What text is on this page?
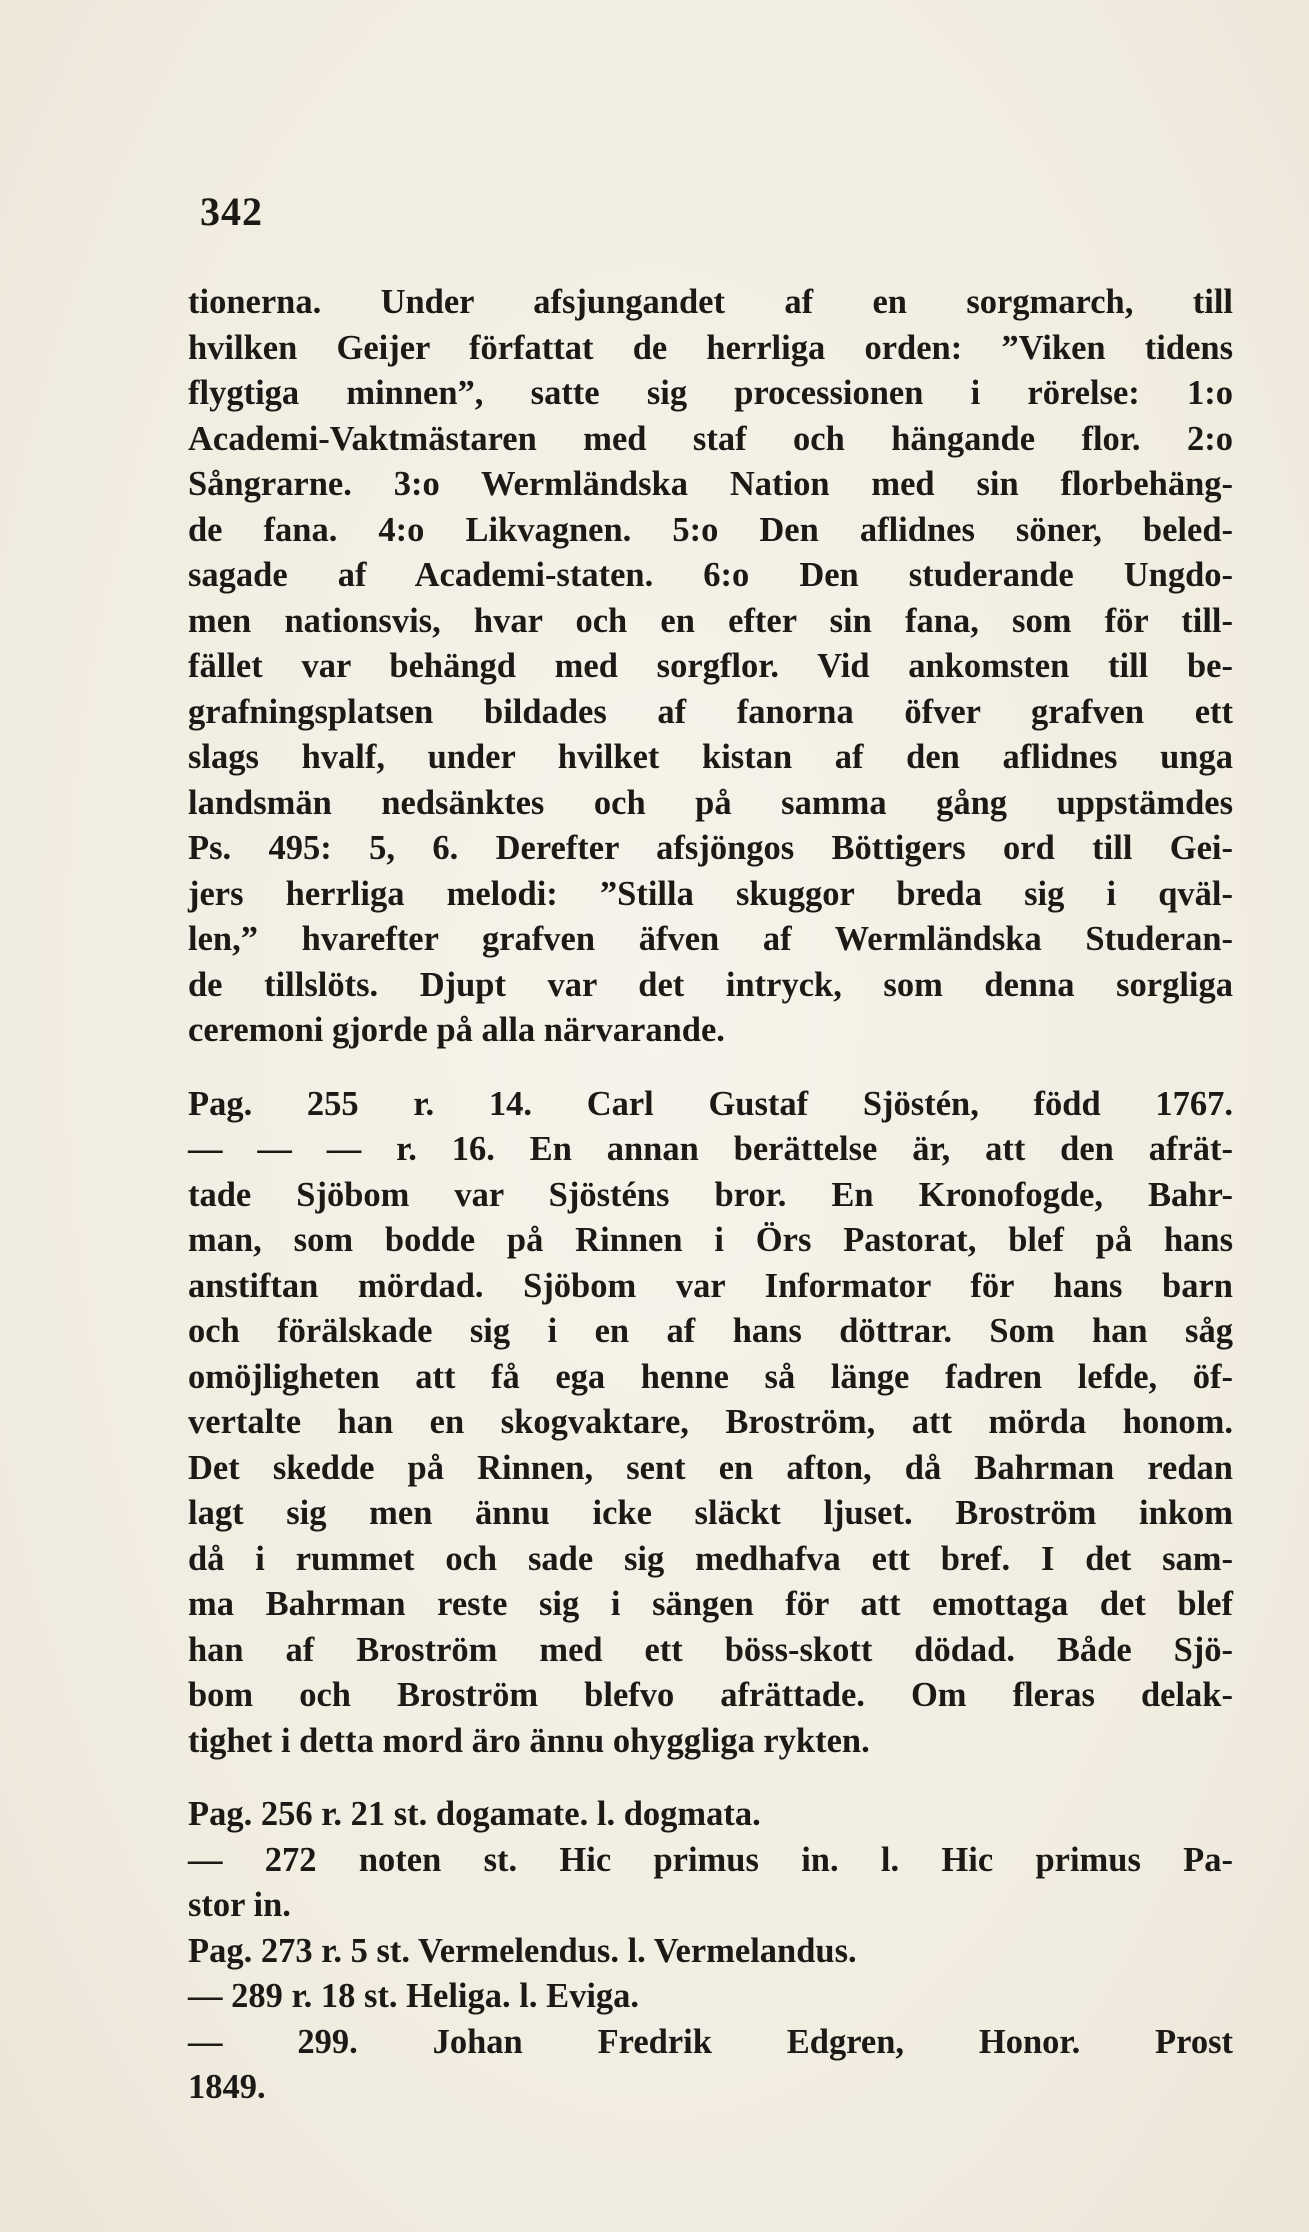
342
tionerna. Under afsjungandet af en sorgmarch, till
hvilken Geijer författat de herrliga orden: ”Viken tidens
flygtiga minnen”, satte sig processionen i rörelse: 1:o
Academi-Vaktmästaren med staf och hängande flor. 2:o
Sångrarne. 3:o Wermländska Nation med sin florbehäng-
de fana. 4:o Likvagnen. 5:o Den aflidnes söner, beled-
sagade af Academi-staten. 6:o Den studerande Ungdo-
men nationsvis, hvar och en efter sin fana, som för till-
fället var behängd med sorgflor. Vid ankomsten till be-
grafningsplatsen bildades af fanorna öfver grafven ett
slags hvalf, under hvilket kistan af den aflidnes unga
landsmän nedsänktes och på samma gång uppstämdes
Ps. 495: 5, 6. Derefter afsjöngos Böttigers ord till Gei-
jers herrliga melodi: ”Stilla skuggor breda sig i qväl-
len,” hvarefter grafven äfven af Wermländska Studeran-
de tillslöts. Djupt var det intryck, som denna sorgliga
ceremoni gjorde på alla närvarande.
Pag. 255 r. 14. Carl Gustaf Sjöstén, född 1767.
— — — r. 16. En annan berättelse är, att den afrät-
tade Sjöbom var Sjösténs bror. En Kronofogde, Bahr-
man, som bodde på Rinnen i Örs Pastorat, blef på hans
anstiftan mördad. Sjöbom var Informator för hans barn
och förälskade sig i en af hans döttrar. Som han såg
omöjligheten att få ega henne så länge fadren lefde, öf-
vertalte han en skogvaktare, Broström, att mörda honom.
Det skedde på Rinnen, sent en afton, då Bahrman redan
lagt sig men ännu icke släckt ljuset. Broström inkom
då i rummet och sade sig medhafva ett bref. I det sam-
ma Bahrman reste sig i sängen för att emottaga det blef
han af Broström med ett böss-skott dödad. Både Sjö-
bom och Broström blefvo afrättade. Om fleras delak-
tighet i detta mord äro ännu ohyggliga rykten.
Pag. 256 r. 21 st. dogamate. l. dogmata.
— 272 noten st. Hic primus in. l. Hic primus Pa-
stor in.
Pag. 273 r. 5 st. Vermelendus. l. Vermelandus.
— 289 r. 18 st. Heliga. l. Eviga.
— 299. Johan Fredrik Edgren, Honor. Prost
1849.
